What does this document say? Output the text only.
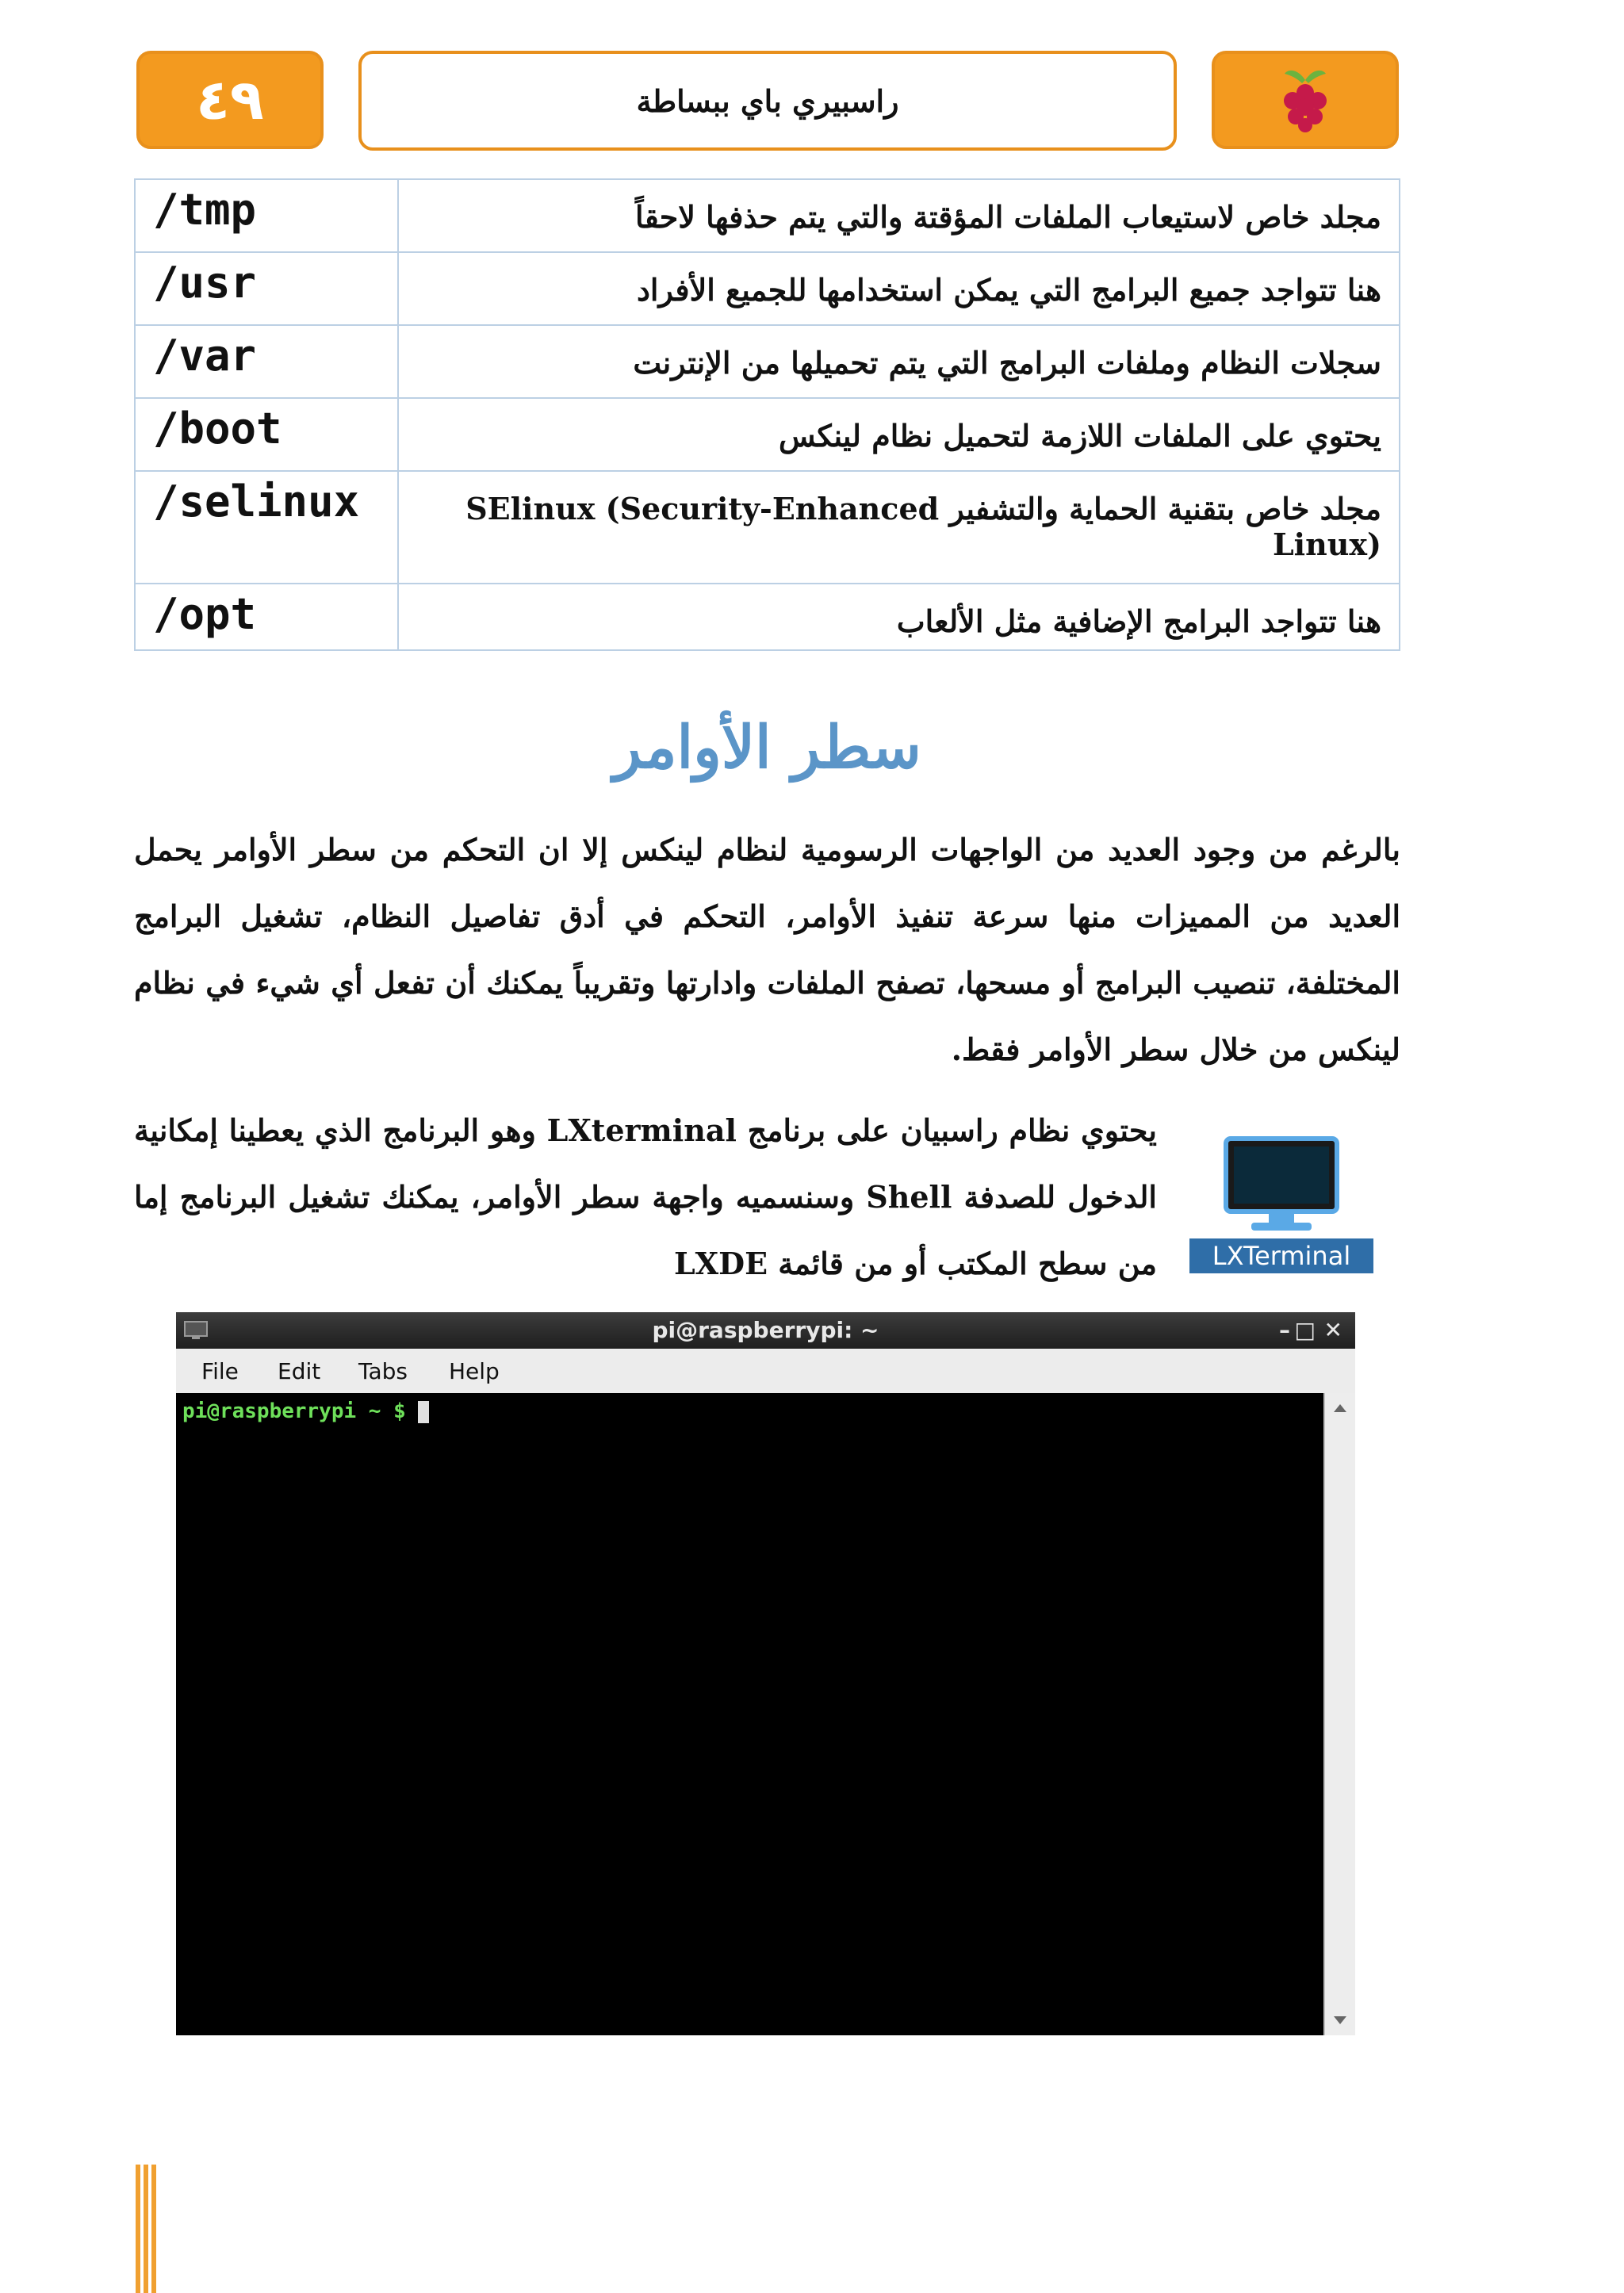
٤٩	راسبيري باي ببساطة
/tmp	مجلد خاص لاستيعاب الملفات المؤقتة والتي يتم حذفها لاحقاً
/usr	هنا تتواجد جميع البرامج التي يمكن استخدامها للجميع الأفراد
/var	سجلات النظام وملفات البرامج التي يتم تحميلها من الإنترنت
/boot	يحتوي على الملفات اللازمة لتحميل نظام لينكس
/selinux	مجلد خاص بتقنية الحماية والتشفير SElinux (Security-Enhanced Linux)
/opt	هنا تتواجد البرامج الإضافية مثل الألعاب
سطر الأوامر
بالرغم من وجود العديد من الواجهات الرسومية لنظام لينكس إلا ان التحكم من سطر الأوامر يحمل العديد من المميزات منها سرعة تنفيذ الأوامر، التحكم في أدق تفاصيل النظام، تشغيل البرامج المختلفة، تنصيب البرامج أو مسحها، تصفح الملفات وادارتها وتقريباً يمكنك أن تفعل أي شيء في نظام لينكس من خلال سطر الأوامر فقط.
يحتوي نظام راسبيان على برنامج LXterminal وهو البرنامج الذي يعطينا إمكانية الدخول للصدفة Shell وسنسميه واجهة سطر الأوامر، يمكنك تشغيل البرنامج إما من سطح المكتب أو من قائمة LXDE	LXTerminal
pi@raspberrypi: ~	– □ ✕
File Edit Tabs Help
pi@raspberrypi ~ $
